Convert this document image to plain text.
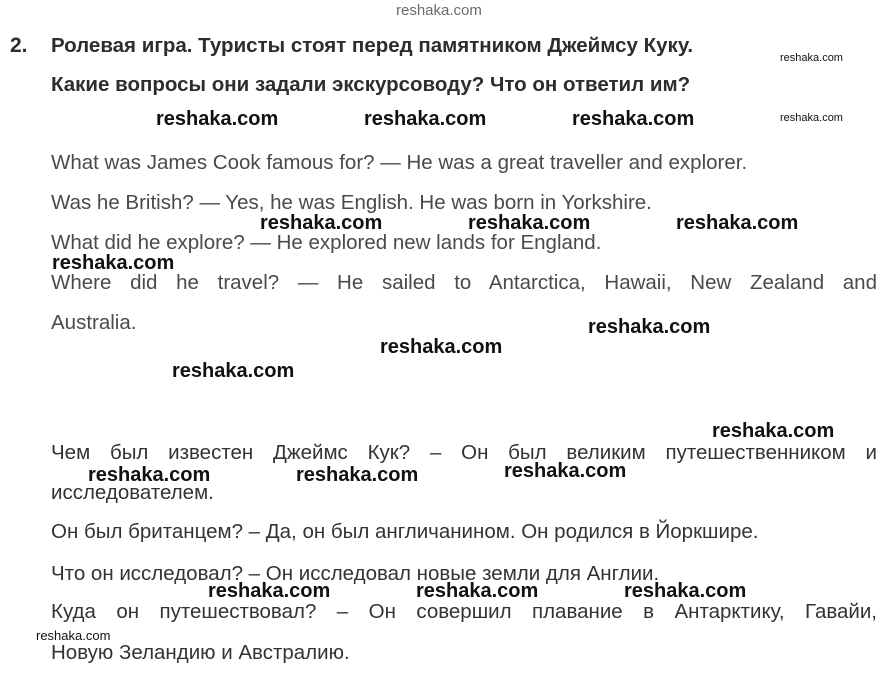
reshaka.com
2. Ролевая игра. Туристы стоят перед памятником Джеймсу Куку.
Какие вопросы они задали экскурсоводу? Что он ответил им?
What was James Cook famous for? — He was a great traveller and explorer.
Was he British? — Yes, he was English. He was born in Yorkshire.
What did he explore? — He explored new lands for England.
Where did he travel? — He sailed to Antarctica, Hawaii, New Zealand and
Australia.
Чем был известен Джеймс Кук? – Он был великим путешественником и
исследователем.
Он был британцем? – Да, он был англичанином. Он родился в Йоркшире.
Что он исследовал? – Он исследовал новые земли для Англии.
Куда он путешествовал? – Он совершил плавание в Антарктику, Гавайи,
Новую Зеландию и Австралию.
reshaka.com
reshaka.com
reshaka.com	reshaka.com	reshaka.com
reshaka.com	reshaka.com	reshaka.com
reshaka.com
reshaka.com
reshaka.com
reshaka.com
reshaka.com
reshaka.com	reshaka.com	reshaka.com
reshaka.com	reshaka.com	reshaka.com
reshaka.com
